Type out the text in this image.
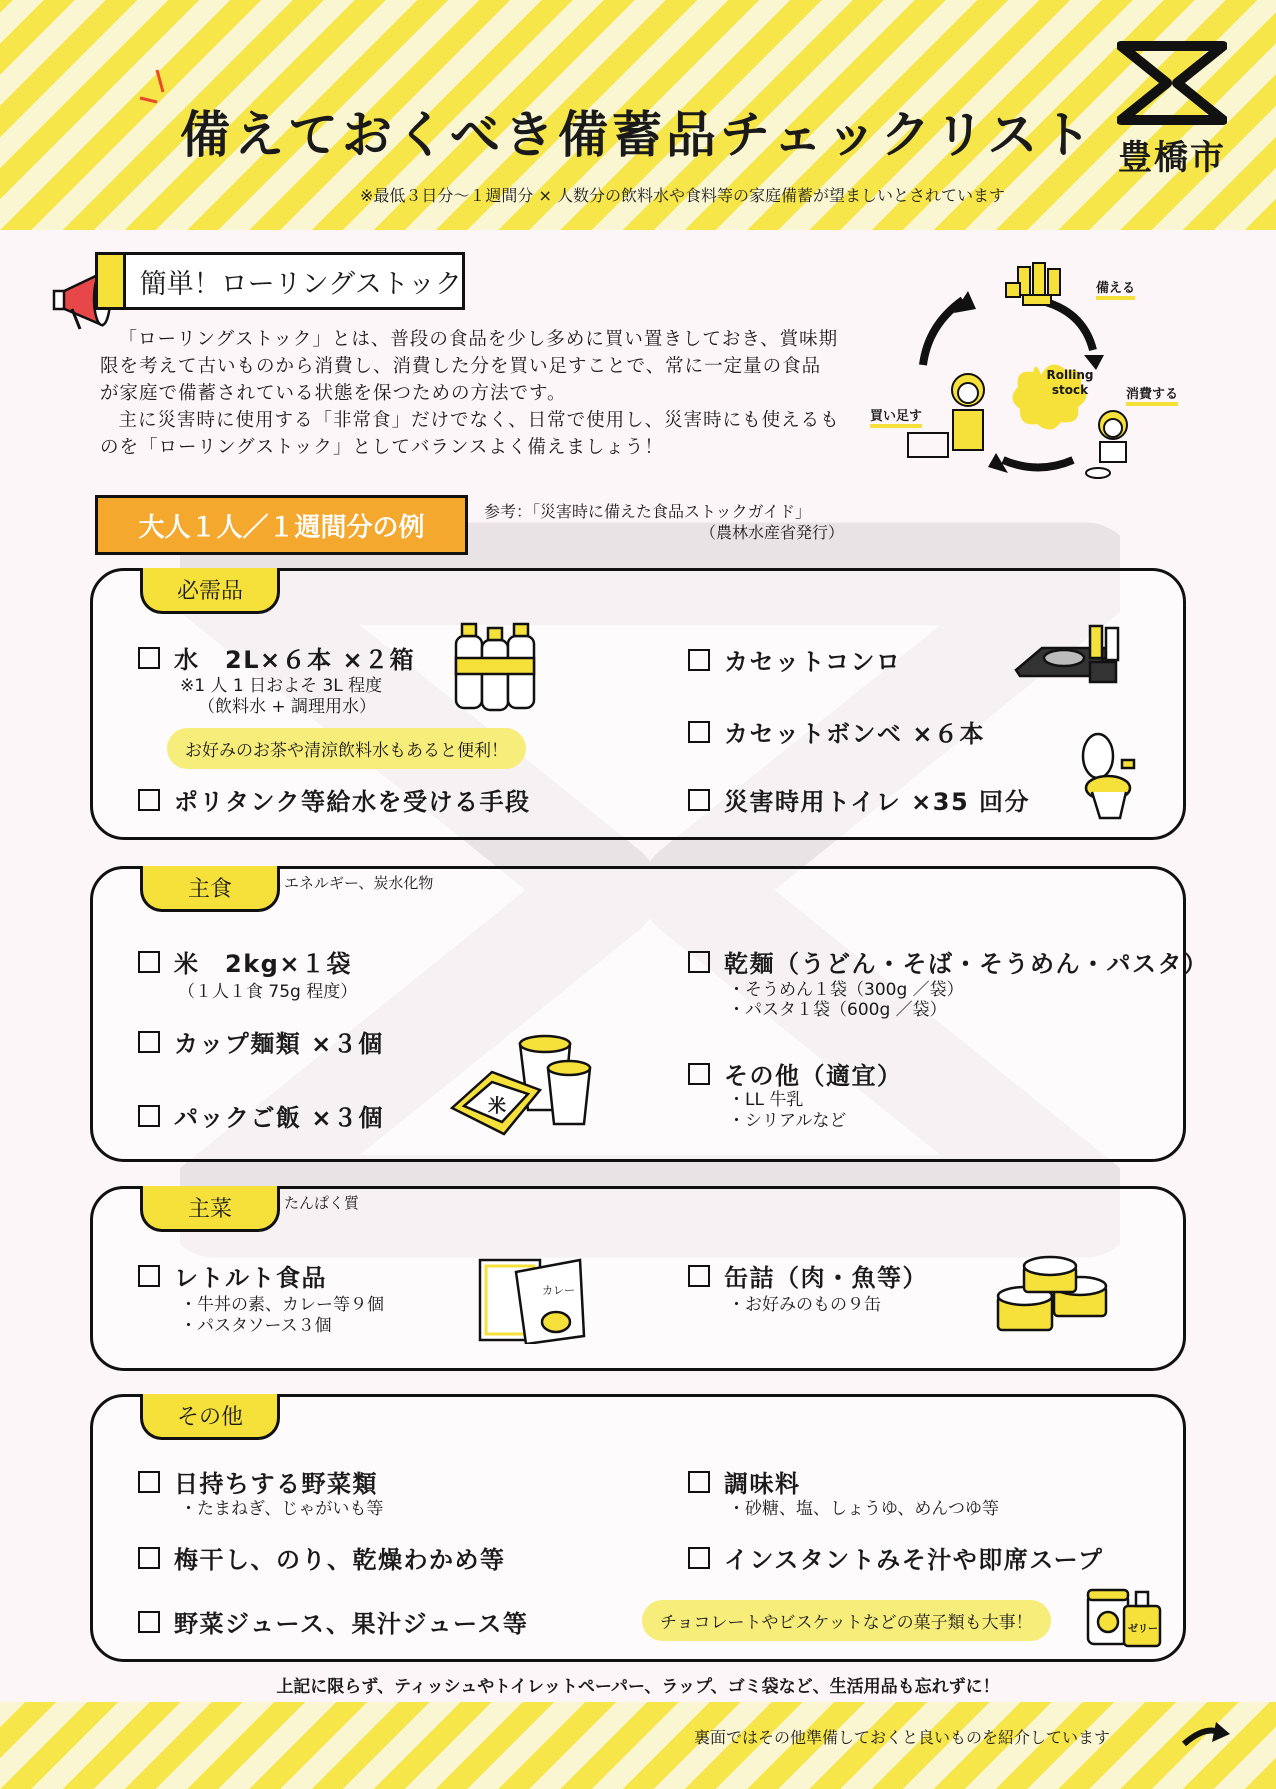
備えておくべき備蓄品チェックリスト
※最低３日分〜１週間分 × 人数分の飲料水や食料等の家庭備蓄が望ましいとされています
豊橋市
簡単！ローリングストック

「ローリングストック」とは、普段の食品を少し多めに買い置きしておき、賞味期限を考えて古いものから消費し、消費した分を買い足すことで、常に一定量の食品が家庭で備蓄されている状態を保つための方法です。

主に災害時に使用する「非常食」だけでなく、日常で使用し、災害時にも使えるものを「ローリングストック」としてバランスよく備えましょう！

Rolling
stock
備える
消費する
買い足す
大人１人／１週間分の例
参考：「災害時に備えた食品ストックガイド」
（農林水産省発行）
必需品
水　2L×６本 ×２箱
※1 人 1 日およそ 3L 程度
（飲料水 + 調理用水）
お好みのお茶や清涼飲料水もあると便利！
ポリタンク等給水を受ける手段
カセットコンロ
カセットボンベ ×６本
災害時用トイレ ×35 回分
主食	エネルギー、炭水化物
米　2kg×１袋
（１人１食 75g 程度）
カップ麺類 ×３個
パックご飯 ×３個
乾麺（うどん・そば・そうめん・パスタ）
・そうめん１袋（300g ／袋）
・パスタ１袋（600g ／袋）
その他（適宜）
・LL 牛乳
・シリアルなど
米
主菜	たんぱく質
レトルト食品
・牛丼の素、カレー等９個
・パスタソース３個
缶詰（肉・魚等）
・お好みのもの９缶
カレー
その他
日持ちする野菜類
・たまねぎ、じゃがいも等
梅干し、のり、乾燥わかめ等
野菜ジュース、果汁ジュース等
調味料
・砂糖、塩、しょうゆ、めんつゆ等
インスタントみそ汁や即席スープ
チョコレートやビスケットなどの菓子類も大事！	ゼリー
上記に限らず、ティッシュやトイレットペーパー、ラップ、ゴミ袋など、生活用品も忘れずに！
裏面ではその他準備しておくと良いものを紹介しています
